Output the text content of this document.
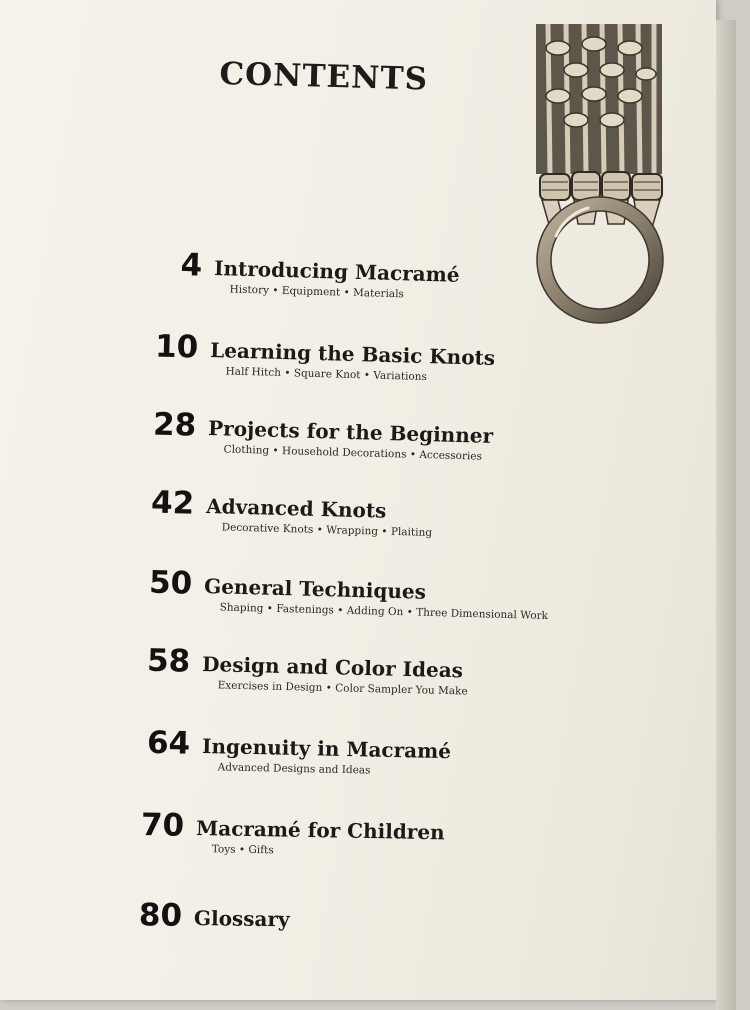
CONTENTS
4 Introducing Macramé
History • Equipment • Materials
10 Learning the Basic Knots
Half Hitch • Square Knot • Variations
28 Projects for the Beginner
Clothing • Household Decorations • Accessories
42 Advanced Knots
Decorative Knots • Wrapping • Plaiting
50 General Techniques
Shaping • Fastenings • Adding On • Three Dimensional Work
58 Design and Color Ideas
Exercises in Design • Color Sampler You Make
64 Ingenuity in Macramé
Advanced Designs and Ideas
70 Macramé for Children
Toys • Gifts
80 Glossary
